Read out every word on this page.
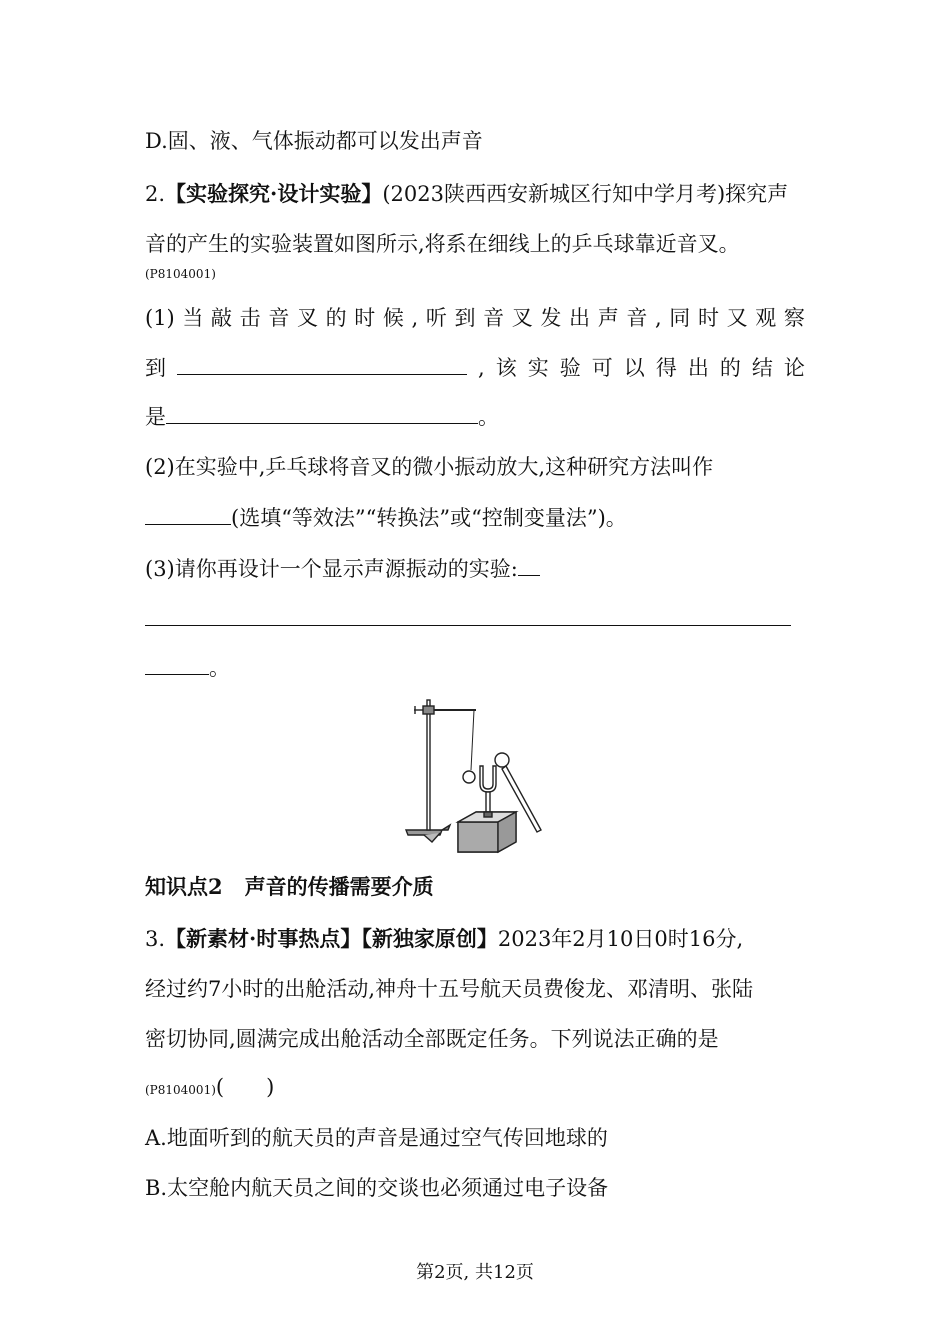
D.固、液、气体振动都可以发出声音
2.【实验探究·设计实验】(2023陕西西安新城区行知中学月考)探究声
音的产生的实验装置如图所示,将系在细线上的乒乓球靠近音叉。
(P8104001)
(1) 当 敲 击 音 叉 的 时 候 , 听 到 音 叉 发 出 声 音 , 同 时 又 观 察
到	, 该 实 验 可 以 得 出 的 结 论
是	。
(2)在实验中,乒乓球将音叉的微小振动放大,这种研究方法叫作
(选填“等效法”“转换法”或“控制变量法”)。
(3)请你再设计一个显示声源振动的实验:
。
知识点2 声音的传播需要介质
3.【新素材·时事热点】【新独家原创】2023年2月10日0时16分,
经过约7小时的出舱活动,神舟十五号航天员费俊龙、邓清明、张陆
密切协同,圆满完成出舱活动全部既定任务。下列说法正确的是
(P8104001)(　　)
A.地面听到的航天员的声音是通过空气传回地球的
B.太空舱内航天员之间的交谈也必须通过电子设备
第2页, 共12页
